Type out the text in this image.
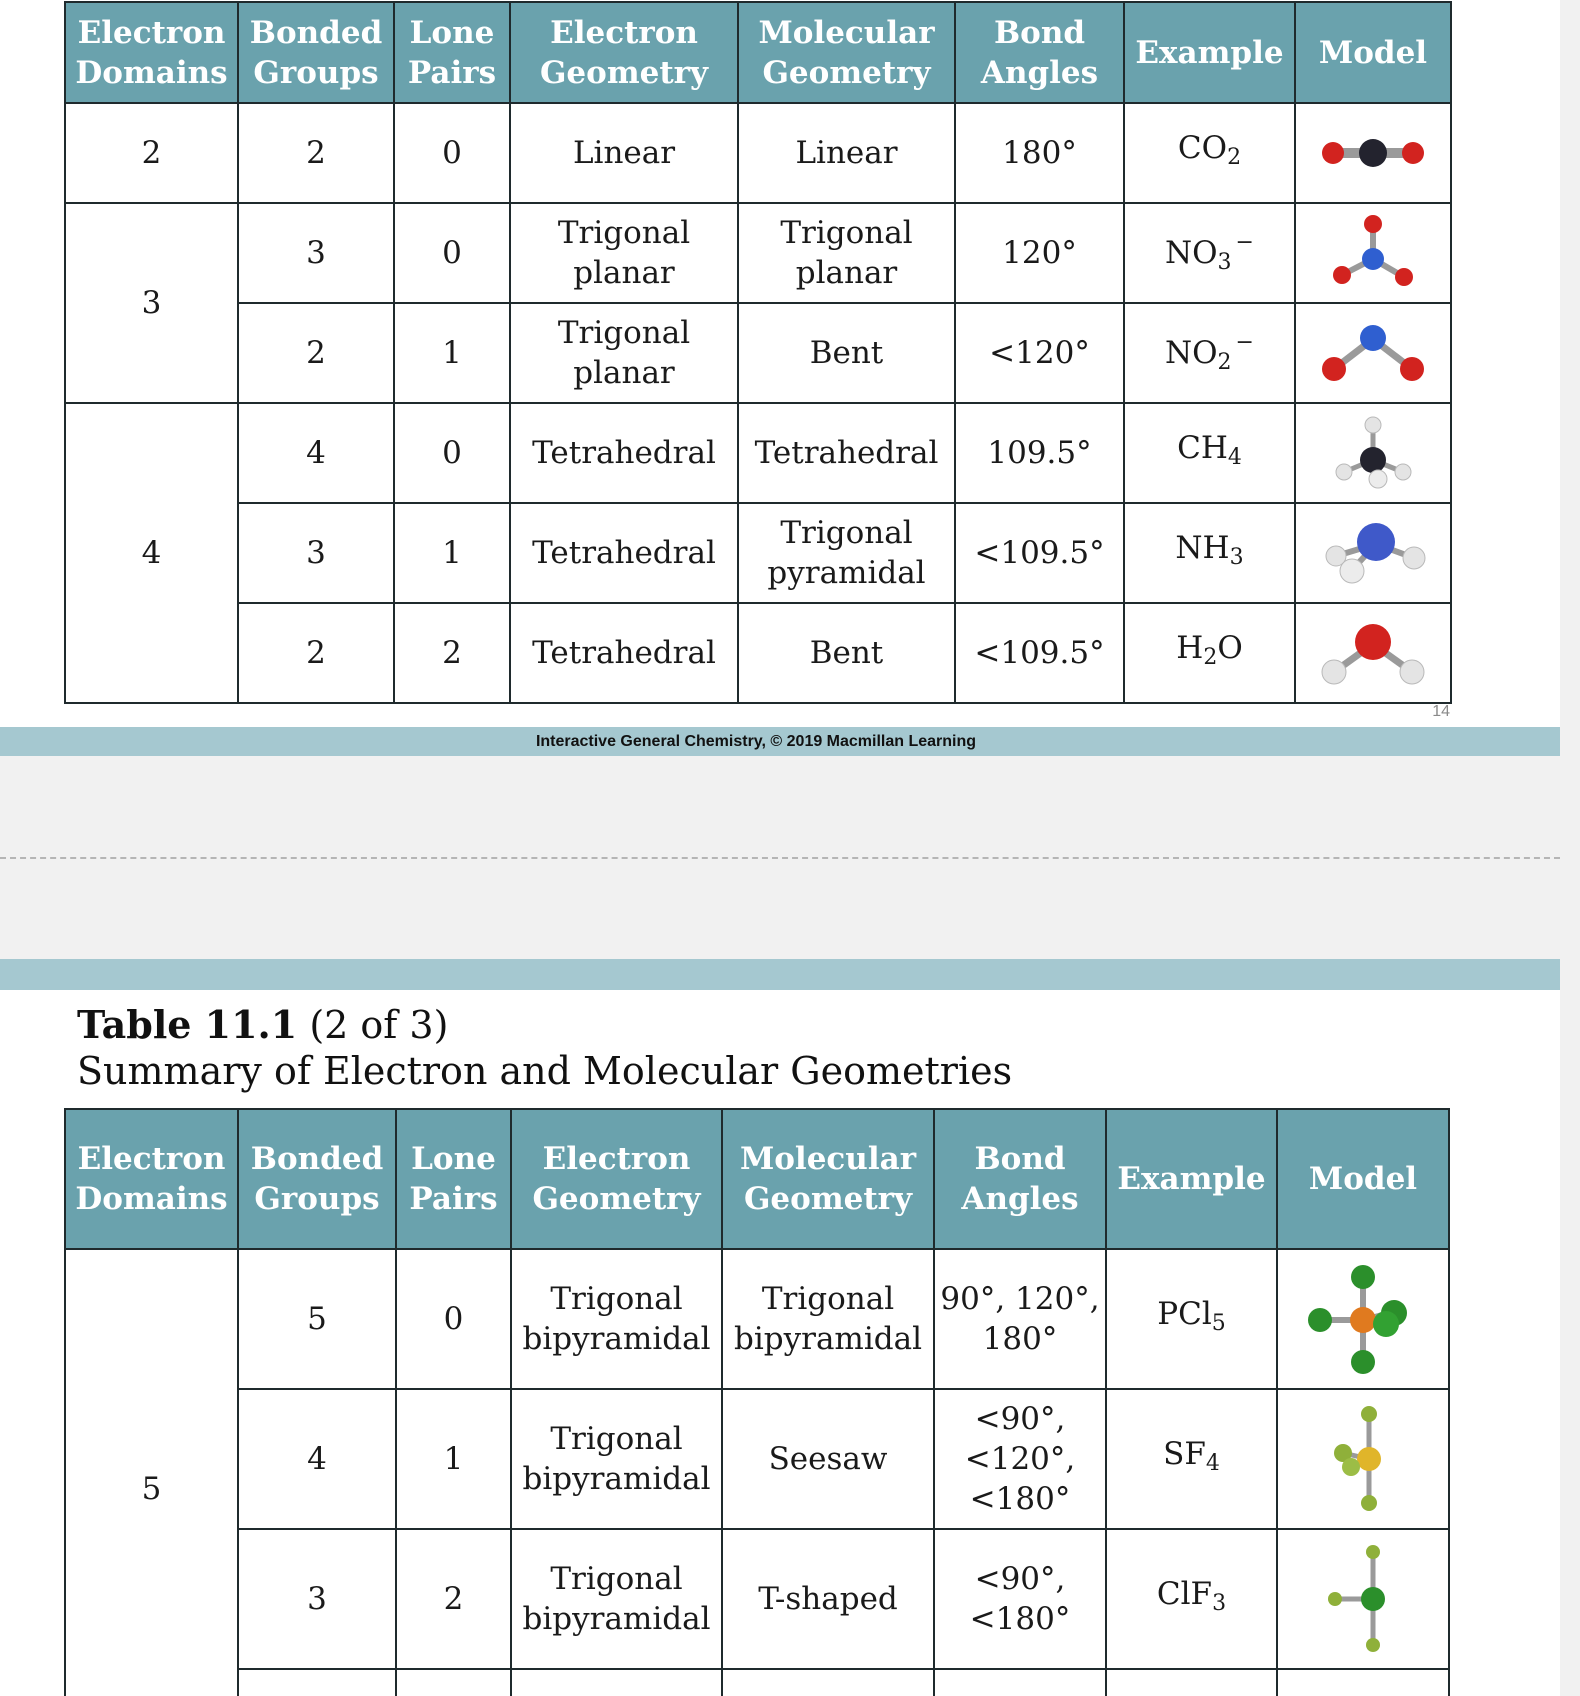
Electron Domains	Bonded Groups	Lone Pairs	Electron Geometry	Molecular Geometry	Bond Angles	Example	Model
2	2	0	Linear	Linear	180°	$CO_2$	

3	3	0	Trigonal planar	Trigonal planar	120°	$NO_3^-$	

	2	1	Trigonal planar	Bent	<120°	$NO_2^-$	

4	4	0	Tetrahedral	Tetrahedral	109.5°	$CH_4$	

	3	1	Tetrahedral	Trigonal pyramidal	<109.5°	$NH_3$	

	2	2	Tetrahedral	Bent	<109.5°	$H_2O$	
14
Interactive General Chemistry, © 2019 Macmillan Learning
Table 11.1 (2 of 3)
Summary of Electron and Molecular Geometries
Electron Domains	Bonded Groups	Lone Pairs	Electron Geometry	Molecular Geometry	Bond Angles	Example	Model
5	5	0	Trigonal bipyramidal	Trigonal bipyramidal	90°, 120°, 180°	PCl$_5$	

	4	1	Trigonal bipyramidal	Seesaw	<90°, <120°, <180°	$SF_4$	

	3	2	Trigonal bipyramidal	T-shaped	<90°, <180°	ClF$_3$	
